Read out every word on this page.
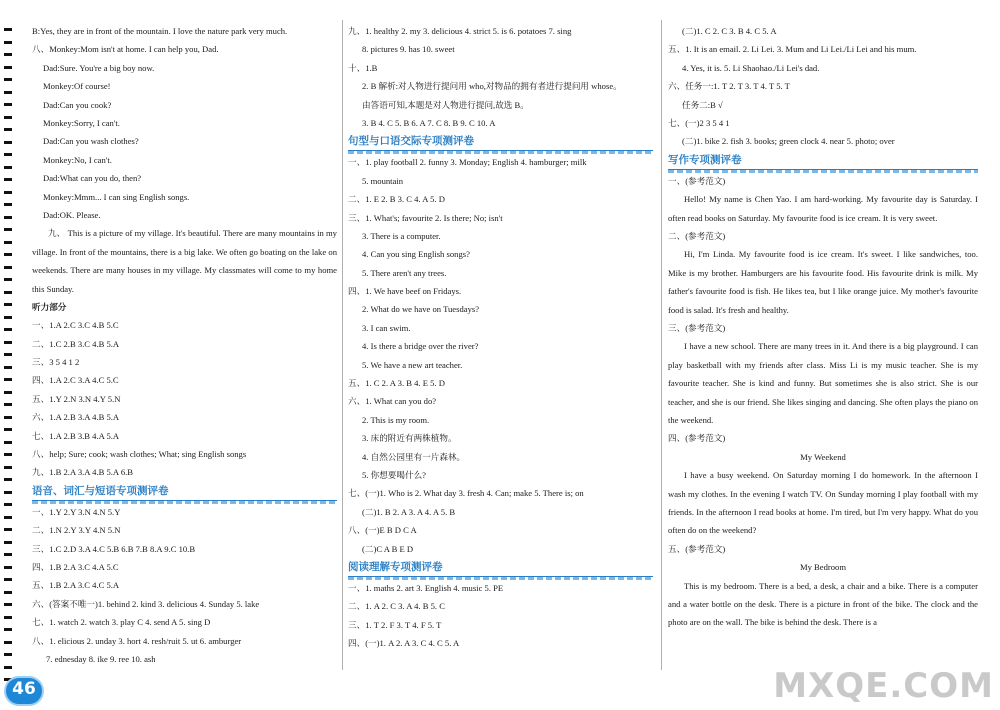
B:Yes, they are in front of the mountain. I love the nature park very much.
八、Monkey:Mom isn't at home. I can help you, Dad.
Dad:Sure. You're a big boy now.
Monkey:Of course!
Dad:Can you cook?
Monkey:Sorry, I can't.
Dad:Can you wash clothes?
Monkey:No, I can't.
Dad:What can you do, then?
Monkey:Mmm... I can sing English songs.
Dad:OK. Please.
九、 This is a picture of my village. It's beautiful. There are many mountains in my village. In front of the mountains, there is a big lake. We often go boating on the lake on weekends. There are many houses in my village. My classmates will come to my home this Sunday.
听力部分
一、1.A 2.C 3.C 4.B 5.C
二、1.C 2.B 3.C 4.B 5.A
三、3 5 4 1 2
四、1.A 2.C 3.A 4.C 5.C
五、1.Y 2.N 3.N 4.Y 5.N
六、1.A 2.B 3.A 4.B 5.A
七、1.A 2.B 3.B 4.A 5.A
八、help; Sure; cook; wash clothes; What; sing English songs
九、1.B 2.A 3.A 4.B 5.A 6.B
语音、词汇与短语专项测评卷
一、1.Y 2.Y 3.N 4.N 5.Y
二、1.N 2.Y 3.Y 4.N 5.N
三、1.C 2.D 3.A 4.C 5.B 6.B 7.B 8.A 9.C 10.B
四、1.B 2.A 3.C 4.A 5.C
五、1.B 2.A 3.C 4.C 5.A
六、(答案不唯一)1. behind 2. kind 3. delicious 4. Sunday 5. lake
七、1. watch 2. watch 3. play C 4. send A 5. sing D
八、1. elicious 2. unday 3. hort 4. resh/ruit 5. ut 6. amburger
7. ednesday 8. ike 9. ree 10. ash
九、1. healthy 2. my 3. delicious 4. strict 5. is 6. potatoes 7. sing
8. pictures 9. has 10. sweet
十、1.B
2. B 解析:对人物进行提问用 who,对物品的拥有者进行提问用 whose。
由答语可知,本题是对人物进行提问,故选 B。
3. B 4. C 5. B 6. A 7. C 8. B 9. C 10. A
句型与口语交际专项测评卷
一、1. play football 2. funny 3. Monday; English 4. hamburger; milk
5. mountain
二、1. E 2. B 3. C 4. A 5. D
三、1. What's; favourite 2. Is there; No; isn't
3. There is a computer.
4. Can you sing English songs?
5. There aren't any trees.
四、1. We have beef on Fridays.
2. What do we have on Tuesdays?
3. I can swim.
4. Is there a bridge over the river?
5. We have a new art teacher.
五、1. C 2. A 3. B 4. E 5. D
六、1. What can you do?
2. This is my room.
3. 床的附近有两株植物。
4. 自然公园里有一片森林。
5. 你想要喝什么?
七、(一)1. Who is 2. What day 3. fresh 4. Can; make 5. There is; on
(二)1. B 2. A 3. A 4. A 5. B
八、(一)E B D C A
(二)C A B E D
阅读理解专项测评卷
一、1. maths 2. art 3. English 4. music 5. PE
二、1. A 2. C 3. A 4. B 5. C
三、1. T 2. F 3. T 4. F 5. T
四、(一)1. A 2. A 3. C 4. C 5. A
(二)1. C 2. C 3. B 4. C 5. A
五、1. It is an email. 2. Li Lei. 3. Mum and Li Lei./Li Lei and his mum.
4. Yes, it is. 5. Li Shaohao./Li Lei's dad.
六、任务一:1. T 2. T 3. T 4. T 5. T
任务二:B √
七、(一)2 3 5 4 1
(二)1. bike 2. fish 3. books; green clock 4. near 5. photo; over
写作专项测评卷
一、(参考范文)
Hello! My name is Chen Yao. I am hard-working. My favourite day is Saturday. I often read books on Saturday. My favourite food is ice cream. It is very sweet.
二、(参考范文)
Hi, I'm Linda. My favourite food is ice cream. It's sweet. I like sandwiches, too. Mike is my brother. Hamburgers are his favourite food. His favourite drink is milk. My father's favourite food is fish. He likes tea, but I like orange juice. My mother's favourite food is salad. It's fresh and healthy.
三、(参考范文)
I have a new school. There are many trees in it. And there is a big playground. I can play basketball with my friends after class. Miss Li is my music teacher. She is my favourite teacher. She is kind and funny. But sometimes she is also strict. She is our teacher, and she is our friend. She likes singing and dancing. She often plays the piano on the weekend.
四、(参考范文)
My Weekend
I have a busy weekend. On Saturday morning I do homework. In the afternoon I wash my clothes. In the evening I watch TV. On Sunday morning I play football with my friends. In the afternoon I read books at home. I'm tired, but I'm very happy. What do you often do on the weekend?
五、(参考范文)
My Bedroom
This is my bedroom. There is a bed, a desk, a chair and a bike. There is a computer and a water bottle on the desk. There is a picture in front of the bike. The clock and the photo are on the wall. The bike is behind the desk. There is a
46	MXQE.COM
